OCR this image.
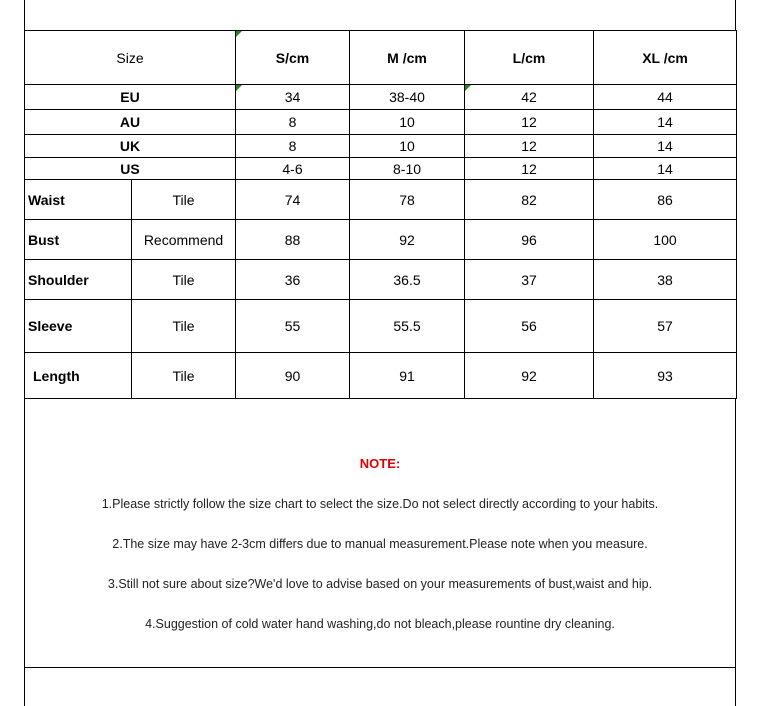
Size		S/cm	M /cm	L/cm	XL /cm
EU		34	38-40	42	44
AU		8	10	12	14
UK		8	10	12	14
US		4-6	8-10	12	14
Waist	Tile	74	78	82	86
Bust	Recommend	88	92	96	100
Shoulder	Tile	36	36.5	37	38
Sleeve	Tile	55	55.5	56	57
Length	Tile	90	91	92	93
NOTE:
1.Please strictly follow the size chart to select the size.Do not select directly according to your habits.
2.The size may have 2-3cm differs due to manual measurement.Please note when you measure.
3.Still not sure about size?We'd love to advise based on your measurements of bust,waist and hip.
4.Suggestion of cold water hand washing,do not bleach,please rountine dry cleaning.
